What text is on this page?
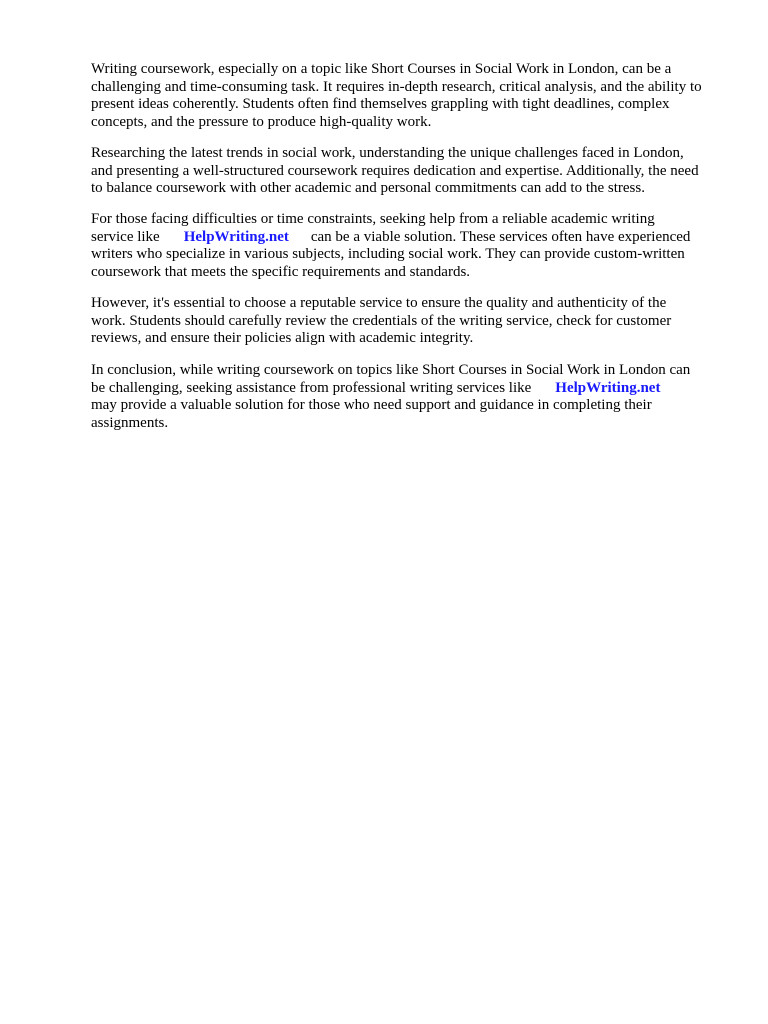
Writing coursework, especially on a topic like Short Courses in Social Work in London, can be a
challenging and time-consuming task. It requires in-depth research, critical analysis, and the ability to
present ideas coherently. Students often find themselves grappling with tight deadlines, complex
concepts, and the pressure to produce high-quality work.

Researching the latest trends in social work, understanding the unique challenges faced in London,
and presenting a well-structured coursework requires dedication and expertise. Additionally, the need
to balance coursework with other academic and personal commitments can add to the stress.

For those facing difficulties or time constraints, seeking help from a reliable academic writing
service like HelpWriting.net can be a viable solution. These services often have experienced
writers who specialize in various subjects, including social work. They can provide custom-written
coursework that meets the specific requirements and standards.

However, it's essential to choose a reputable service to ensure the quality and authenticity of the
work. Students should carefully review the credentials of the writing service, check for customer
reviews, and ensure their policies align with academic integrity.

In conclusion, while writing coursework on topics like Short Courses in Social Work in London can
be challenging, seeking assistance from professional writing services like HelpWriting.net
may provide a valuable solution for those who need support and guidance in completing their
assignments.
